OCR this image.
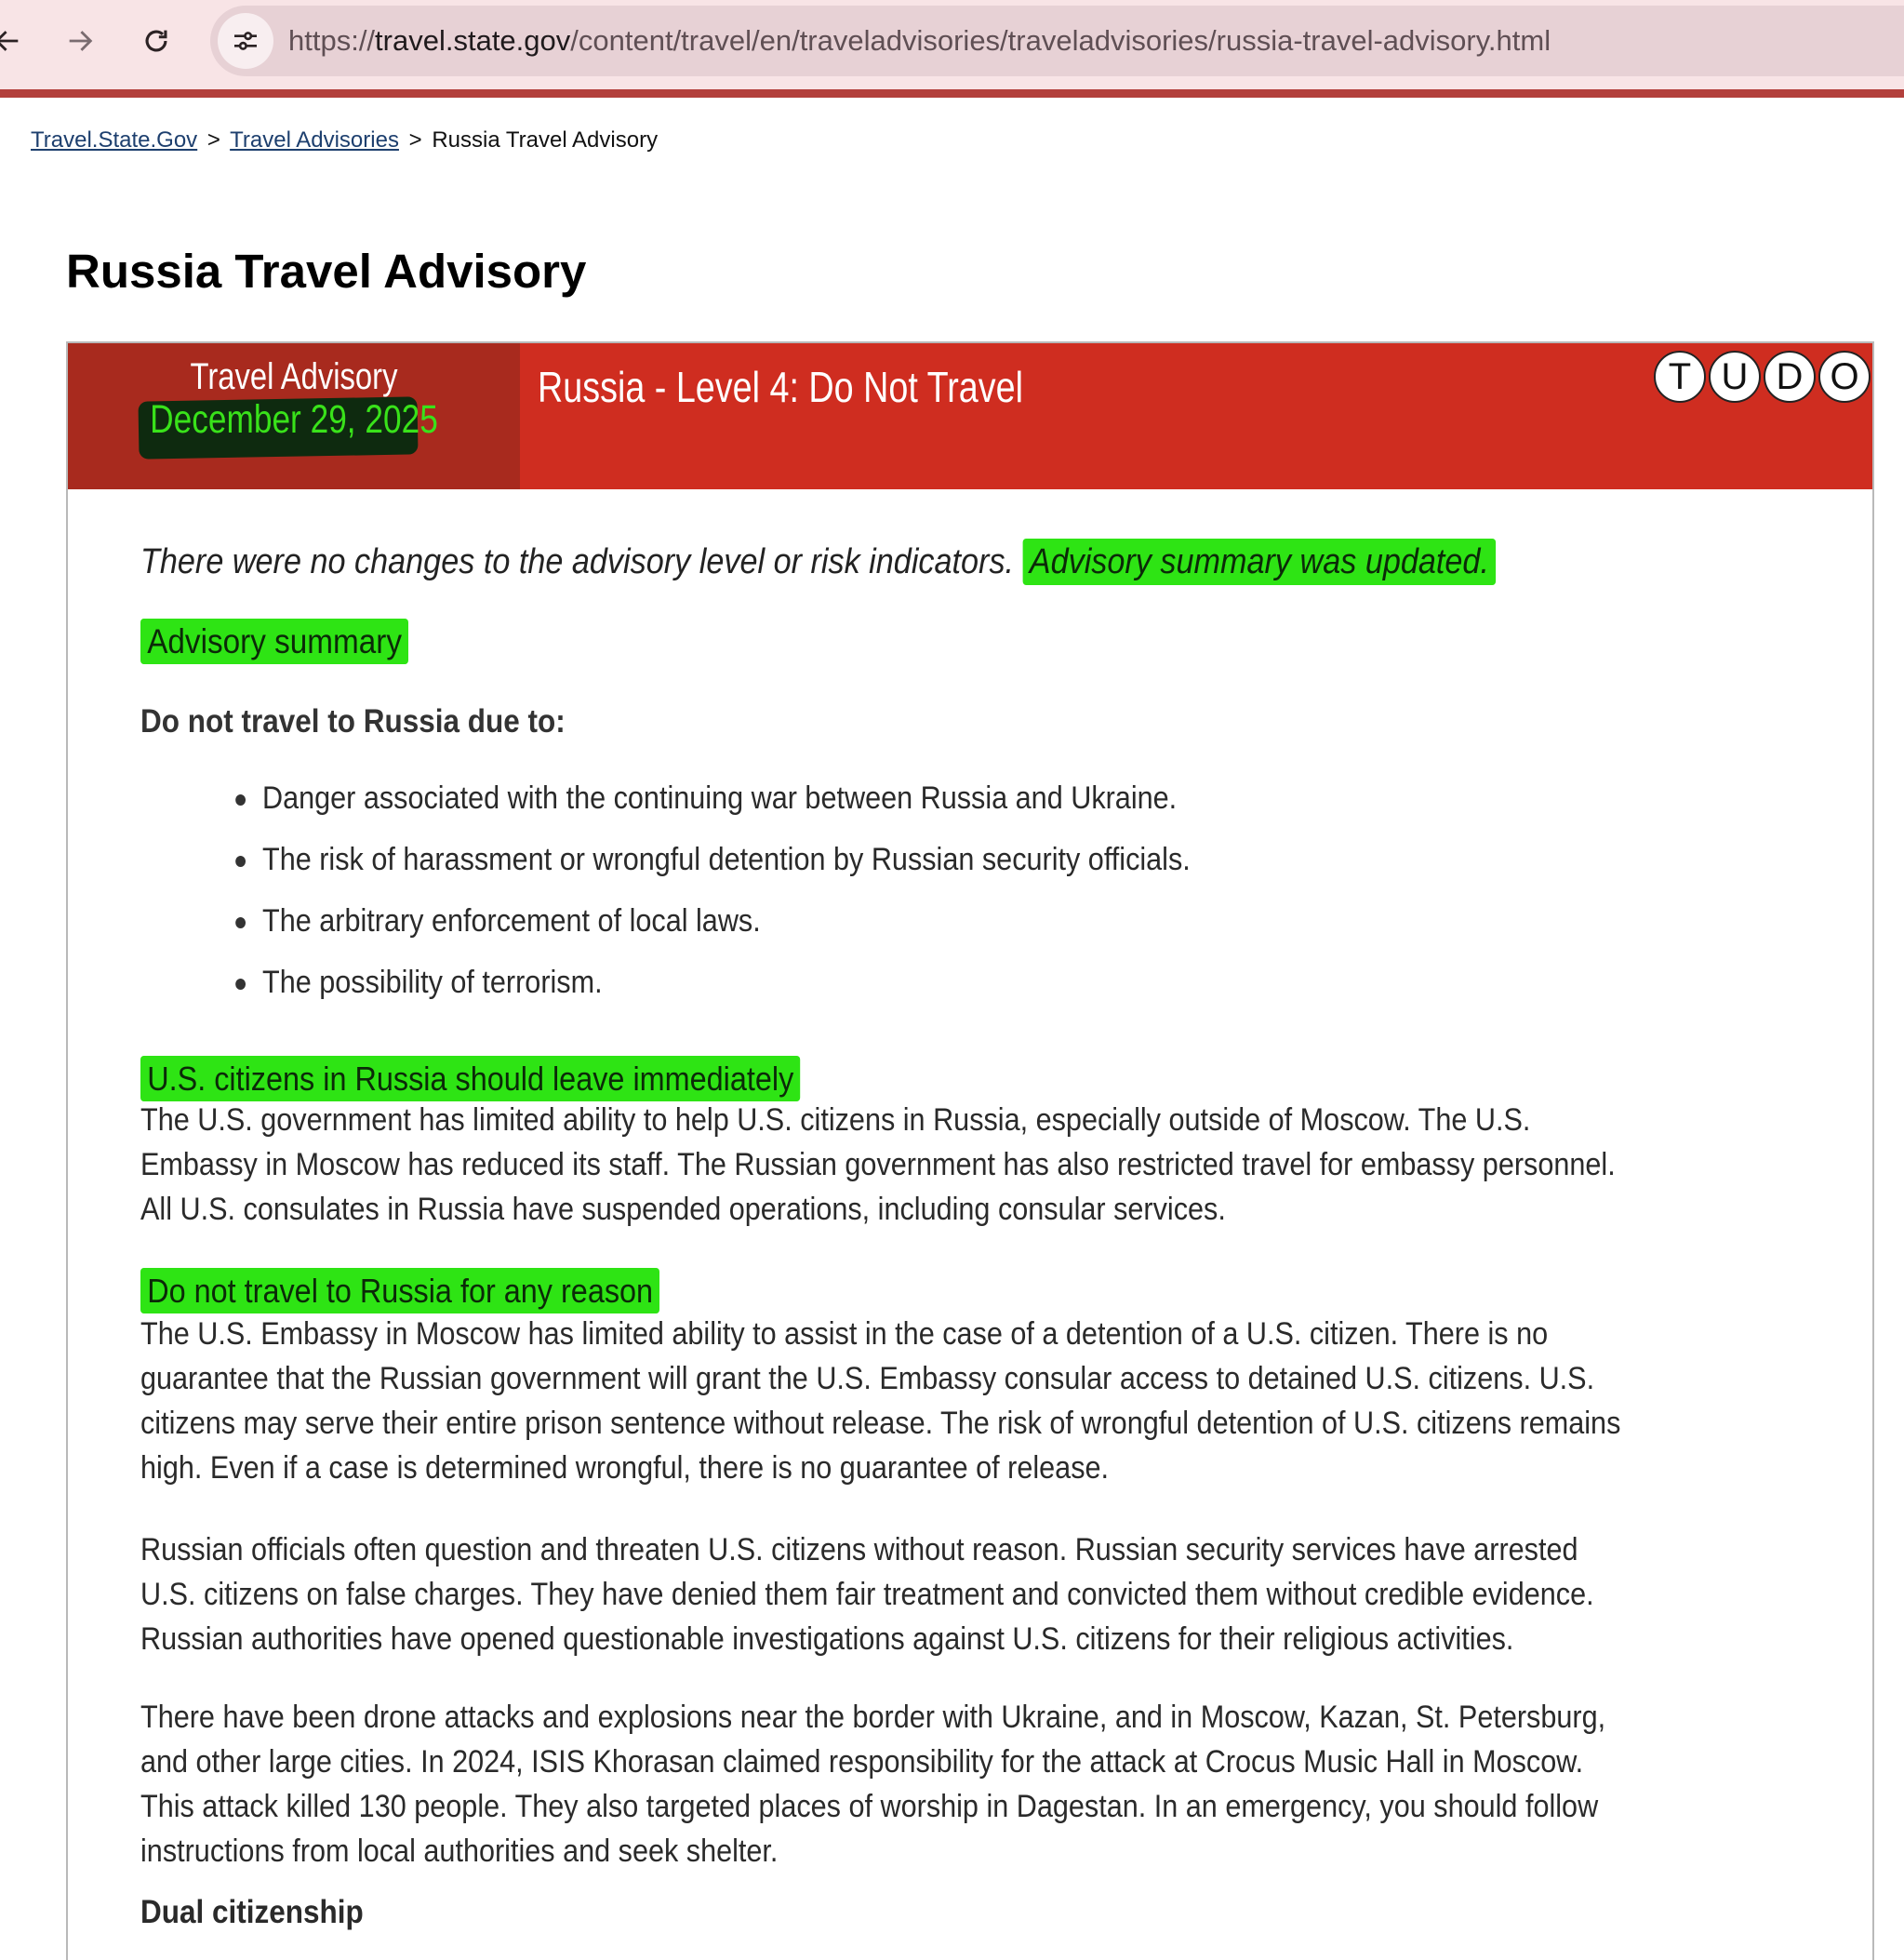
https://travel.state.gov/content/travel/en/traveladvisories/traveladvisories/russia-travel-advisory.html
Travel.State.Gov > Travel Advisories > Russia Travel Advisory
Russia Travel Advisory
Travel Advisory
December 29, 2025
Russia - Level 4: Do Not Travel	T U D O
There were no changes to the advisory level or risk indicators. Advisory summary was updated.
Advisory summary
Do not travel to Russia due to:
Danger associated with the continuing war between Russia and Ukraine.
The risk of harassment or wrongful detention by Russian security officials.
The arbitrary enforcement of local laws.
The possibility of terrorism.
U.S. citizens in Russia should leave immediately
The U.S. government has limited ability to help U.S. citizens in Russia, especially outside of Moscow. The U.S. Embassy in Moscow has reduced its staff. The Russian government has also restricted travel for embassy personnel. All U.S. consulates in Russia have suspended operations, including consular services.
Do not travel to Russia for any reason
The U.S. Embassy in Moscow has limited ability to assist in the case of a detention of a U.S. citizen. There is no guarantee that the Russian government will grant the U.S. Embassy consular access to detained U.S. citizens. U.S. citizens may serve their entire prison sentence without release. The risk of wrongful detention of U.S. citizens remains high. Even if a case is determined wrongful, there is no guarantee of release.
Russian officials often question and threaten U.S. citizens without reason. Russian security services have arrested U.S. citizens on false charges. They have denied them fair treatment and convicted them without credible evidence. Russian authorities have opened questionable investigations against U.S. citizens for their religious activities.
There have been drone attacks and explosions near the border with Ukraine, and in Moscow, Kazan, St. Petersburg, and other large cities. In 2024, ISIS Khorasan claimed responsibility for the attack at Crocus Music Hall in Moscow. This attack killed 130 people. They also targeted places of worship in Dagestan. In an emergency, you should follow instructions from local authorities and seek shelter.
Dual citizenship
